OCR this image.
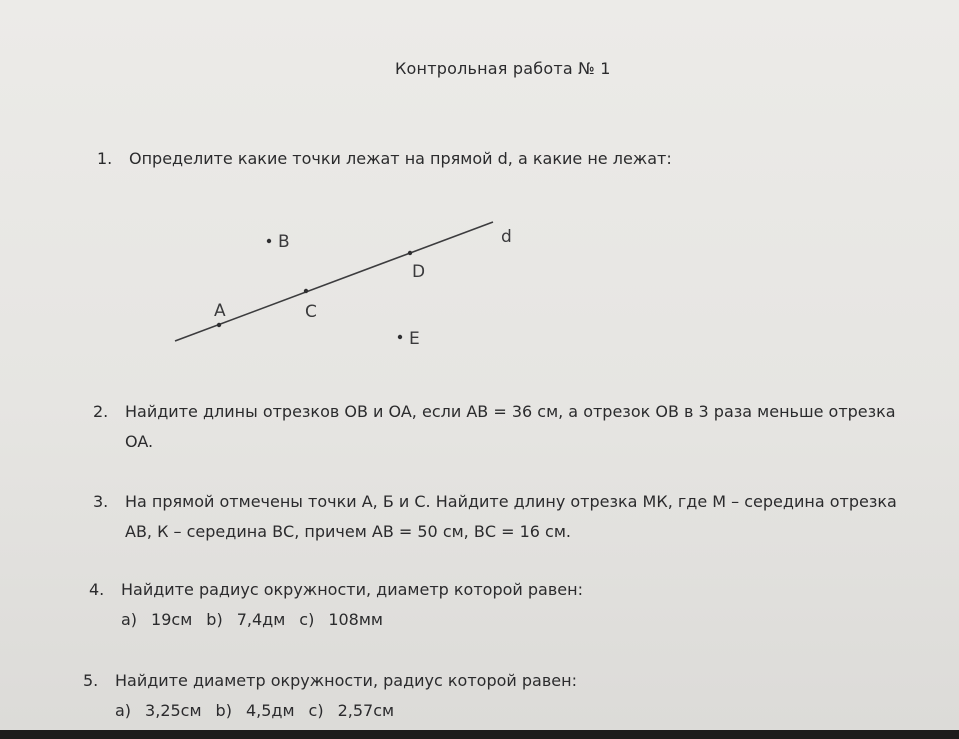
Контрольная работа № 1
1. Определите какие точки лежат на прямой d, а какие не лежат:
d
A
B
C
D
E
2. Найдите длины отрезков OB и OA, если AB = 36 см, а отрезок OB в 3 раза меньше отрезка
OA.
3. На прямой отмечены точки А, Б и С. Найдите длину отрезка МК, где М – середина отрезка
АВ, К – середина ВС, причем АВ = 50 см, ВС = 16 см.
4. Найдите радиус окружности, диаметр которой равен:
a) 19см b) 7,4дм c) 108мм
5. Найдите диаметр окружности, радиус которой равен:
a) 3,25см b) 4,5дм c) 2,57см
